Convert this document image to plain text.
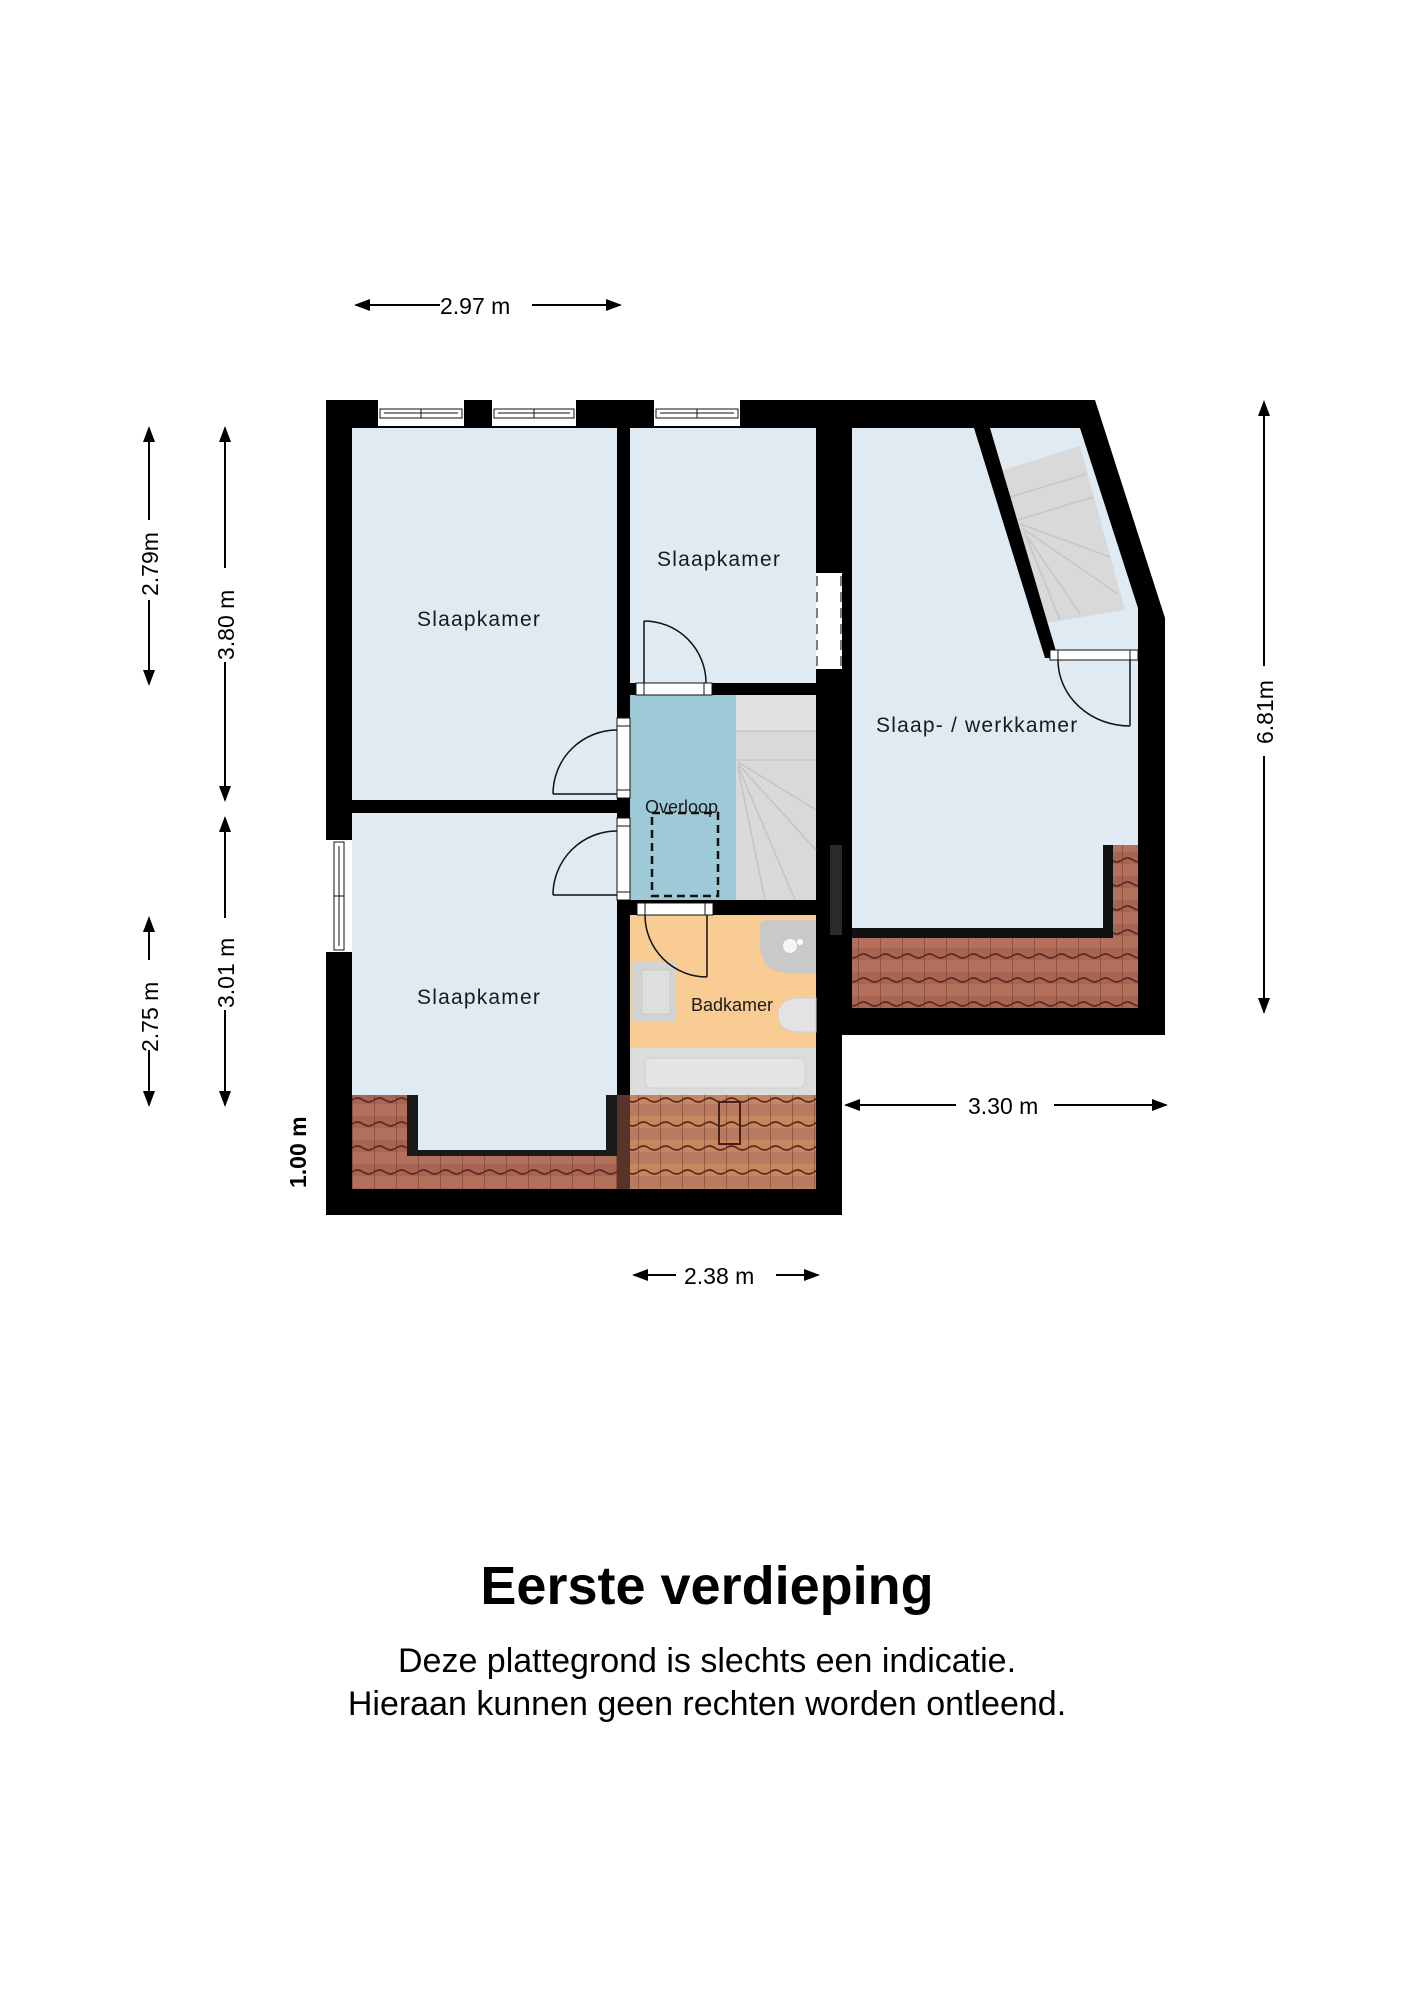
2.97 m
2.79m
3.80 m
3.01 m
2.75 m
1.00 m
6.81m
3.30 m
2.38 m
Slaapkamer
Slaapkamer
Slaapkamer
Overloop
Badkamer
Slaap- / werkkamer
Eerste verdieping
Deze plattegrond is slechts een indicatie.
Hieraan kunnen geen rechten worden ontleend.
